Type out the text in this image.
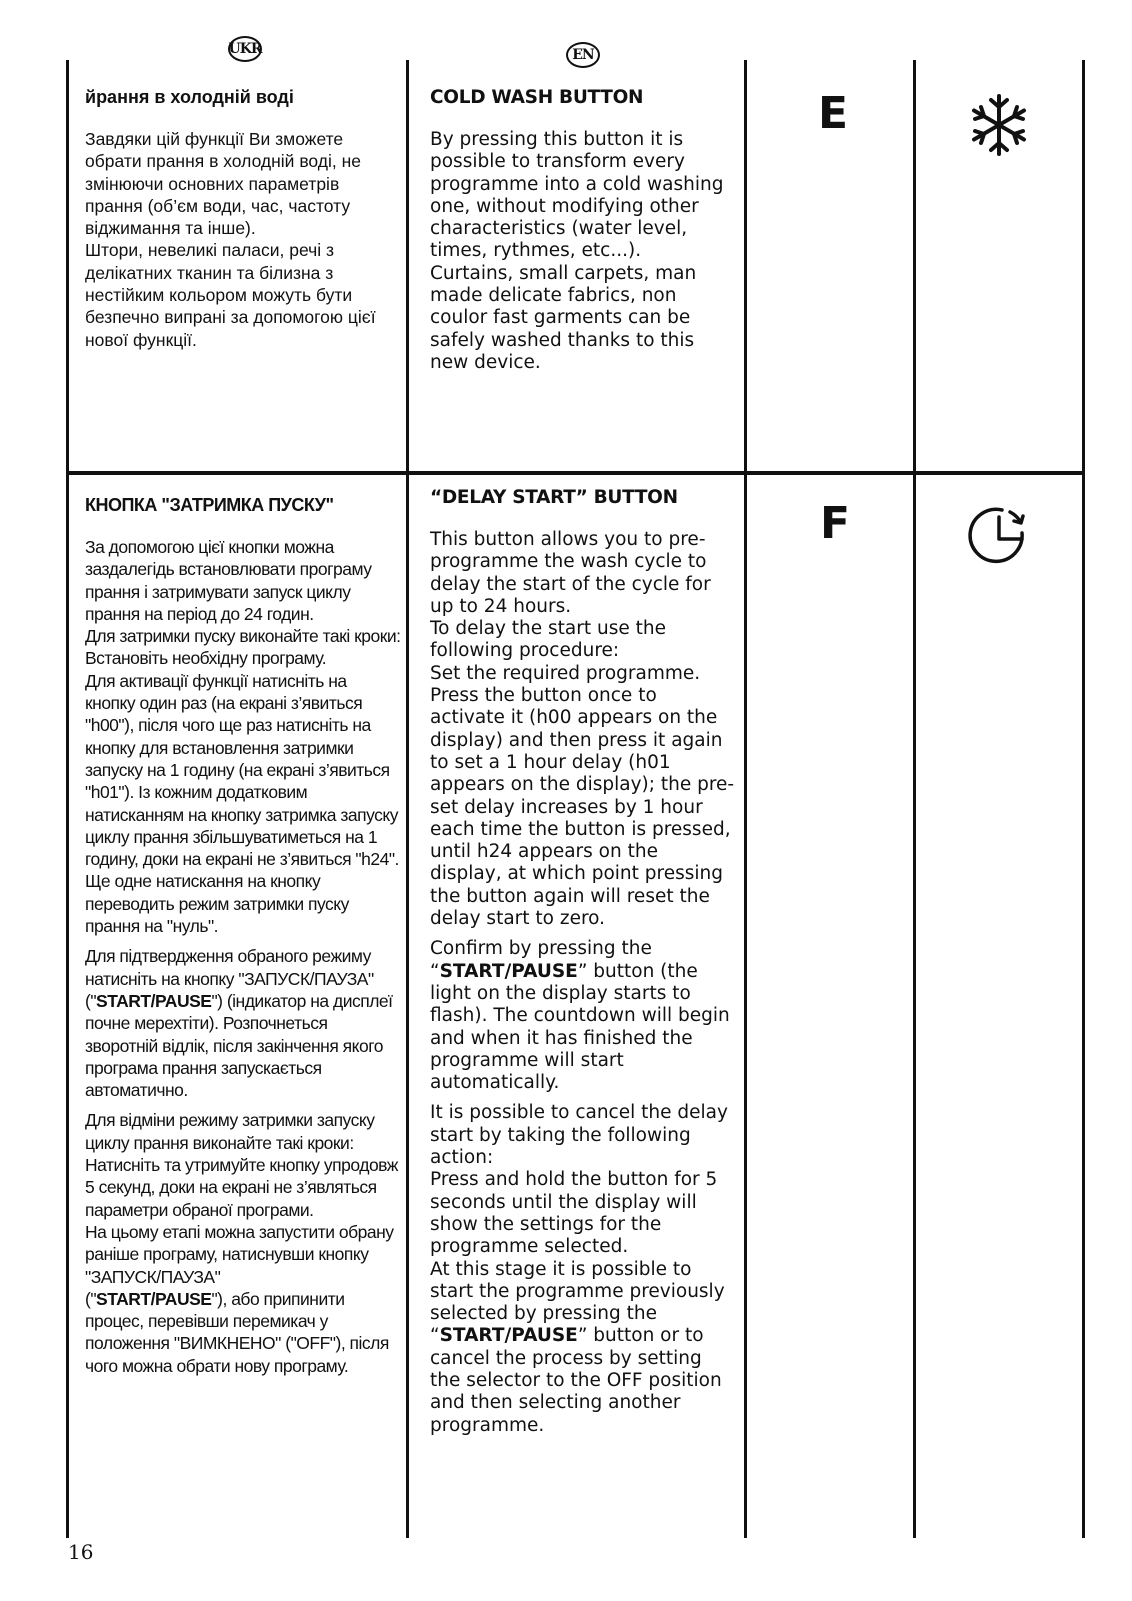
UKR	EN
йрання в холодній воді

Завдяки цій функції Ви зможете обрати прання в холодній воді, не змінюючи основних параметрів прання (об’єм води, час, частоту віджимання та інше).
Штори, невеликі паласи, речі з делікатних тканин та білизна з нестійким кольором можуть бути безпечно випрані за допомогою цієї нової функції.

COLD WASH BUTTON

By pressing this button it is possible to transform every programme into a cold washing one, without modifying other characteristics (water level, times, rythmes, etc...).
Curtains, small carpets, man made delicate fabrics, non coulor fast garments can be safely washed thanks to this new device.

E
КНОПКА "ЗАТРИМКА ПУСКУ"

За допомогою цієї кнопки можна заздалегідь встановлювати програму прання і затримувати запуск циклу прання на період до 24 годин.
Для затримки пуску виконайте такі кроки:
Встановіть необхідну програму.
Для активації функції натисніть на кнопку один раз (на екрані з’явиться "h00"), після чого ще раз натисніть на кнопку для встановлення затримки запуску на 1 годину (на екрані з’явиться "h01"). Із кожним додатковим натисканням на кнопку затримка запуску циклу прання збільшуватиметься на 1 годину, доки на екрані не з’явиться "h24". Ще одне натискання на кнопку переводить режим затримки пуску прання на "нуль".

Для підтвердження обраного режиму натисніть на кнопку "ЗАПУСК/ПАУЗА" ("START/PAUSE") (індикатор на дисплеї почне мерехтіти). Розпочнеться зворотній відлік, після закінчення якого програма прання запускається автоматично.

Для відміни режиму затримки запуску циклу прання виконайте такі кроки:
Натисніть та утримуйте кнопку упродовж 5 секунд, доки на екрані не з’являться параметри обраної програми.
На цьому етапі можна запустити обрану раніше програму, натиснувши кнопку "ЗАПУСК/ПАУЗА"
("START/PAUSE"), або припинити процес, перевівши перемикач у положення "ВИМКНЕНО" ("OFF"), після чого можна обрати нову програму.

“DELAY START” BUTTON

This button allows you to pre-programme the wash cycle to delay the start of the cycle for up to 24 hours.
To delay the start use the following procedure:
Set the required programme.
Press the button once to activate it (h00 appears on the display) and then press it again to set a 1 hour delay (h01 appears on the display); the pre-set delay increases by 1 hour each time the button is pressed, until h24 appears on the display, at which point pressing the button again will reset the delay start to zero.

Confirm by pressing the
“START/PAUSE” button (the light on the display starts to flash). The countdown will begin and when it has finished the programme will start automatically.

It is possible to cancel the delay start by taking the following action:
Press and hold the button for 5 seconds until the display will show the settings for the programme selected.
At this stage it is possible to start the programme previously selected by pressing the “START/PAUSE” button or to cancel the process by setting the selector to the OFF position and then selecting another programme.

F
16
